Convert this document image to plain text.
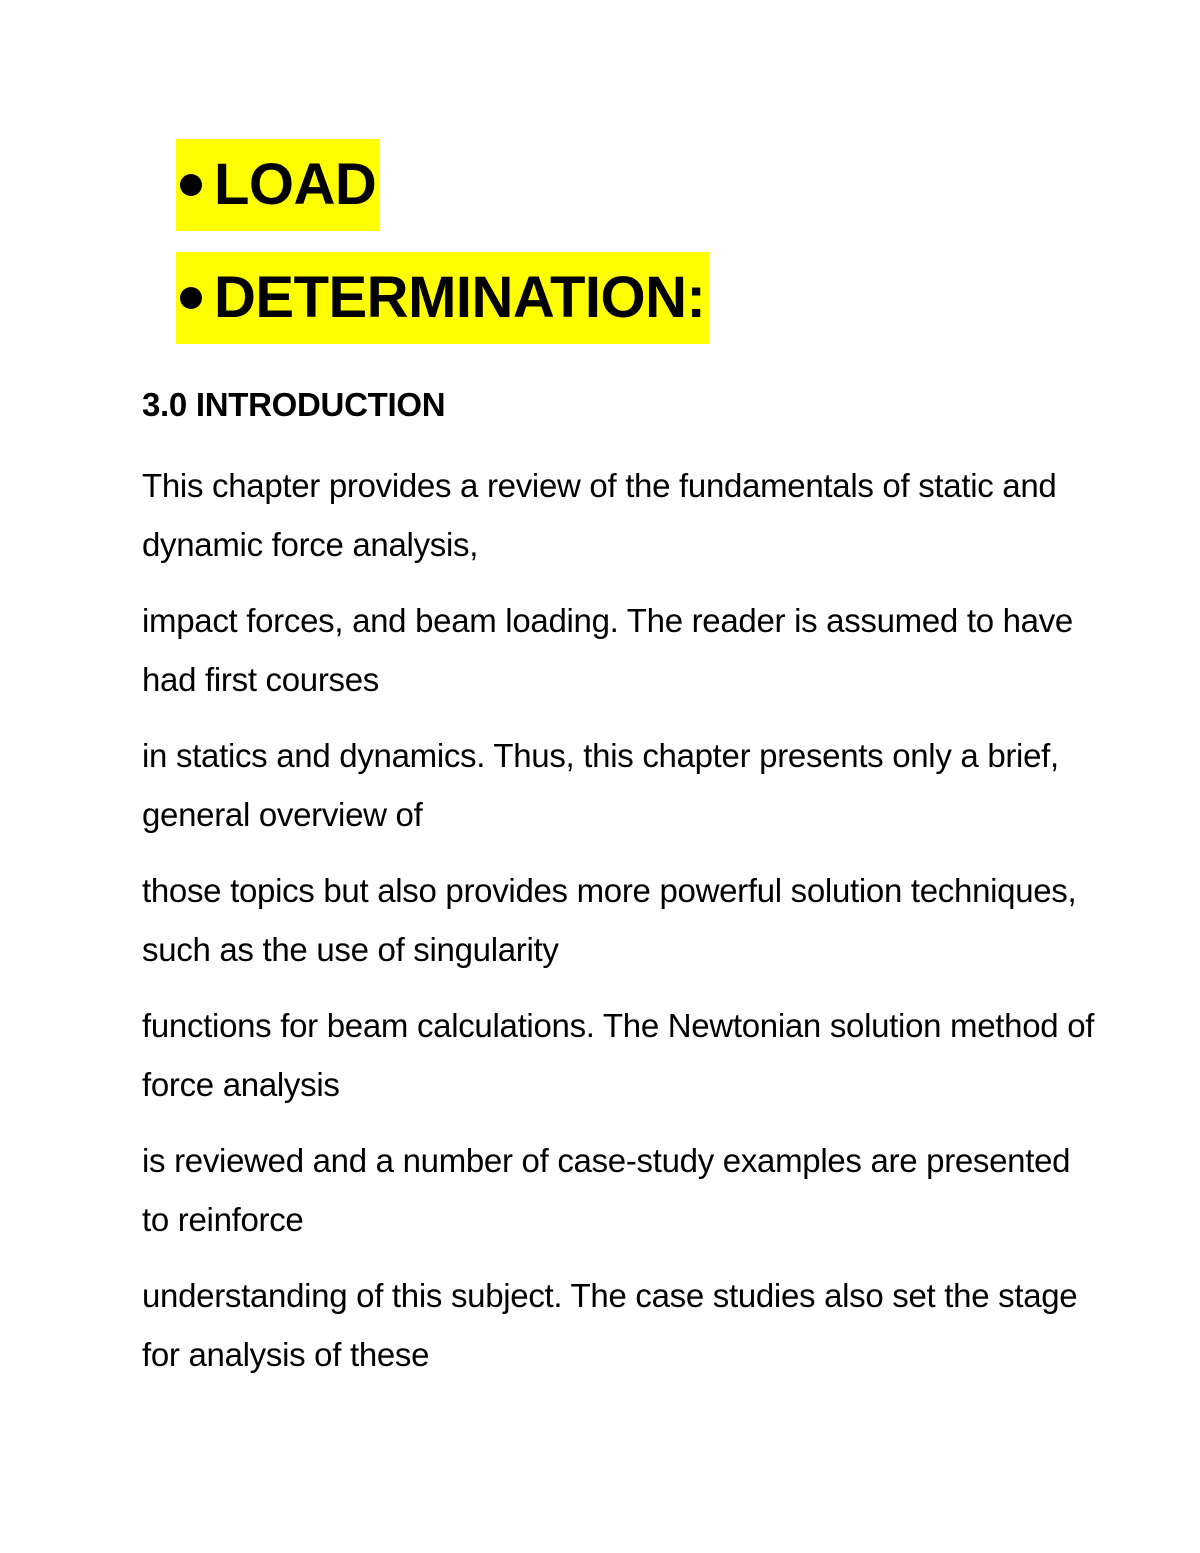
LOAD
DETERMINATION:
3.0 INTRODUCTION

This chapter provides a review of the fundamentals of static and dynamic force analysis,

impact forces, and beam loading. The reader is assumed to have had first courses

in statics and dynamics. Thus, this chapter presents only a brief, general overview of

those topics but also provides more powerful solution techniques, such as the use of singularity

functions for beam calculations. The Newtonian solution method of force analysis

is reviewed and a number of case-study examples are presented to reinforce

understanding of this subject. The case studies also set the stage for analysis of these
